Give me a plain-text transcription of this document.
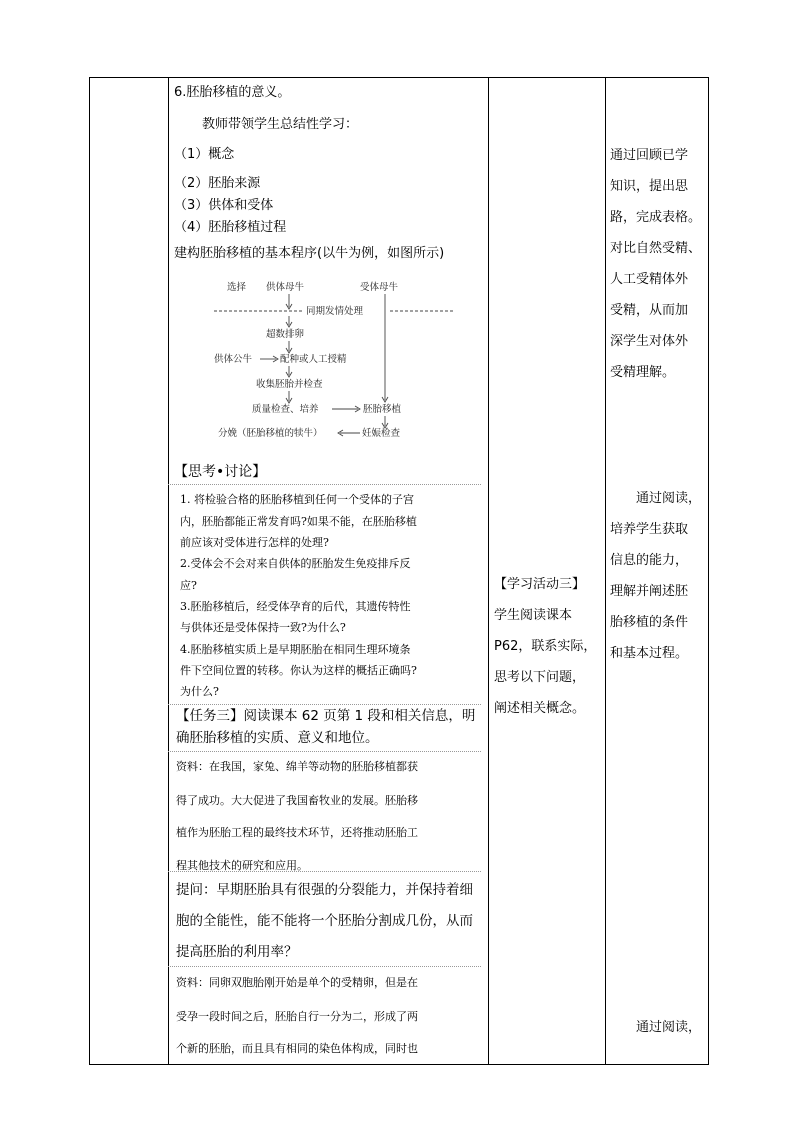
6.胚胎移植的意义。
教师带领学生总结性学习：
（1）概念
（2）胚胎来源
（3）供体和受体
（4）胚胎移植过程
建构胚胎移植的基本程序(以牛为例，如图所示)
选择 供体母牛	受体母牛
同期发情处理
超数排卵
供体公牛	配种或人工授精
收集胚胎并检查
质量检查、培养	胚胎移植
分娩（胚胎移植的犊牛）	妊娠检查
【思考•讨论】
1. 将检验合格的胚胎移植到任何一个受体的子宫
内，胚胎都能正常发育吗?如果不能，在胚胎移植
前应该对受体进行怎样的处理?
2.受体会不会对来自供体的胚胎发生免疫排斥反
应?
3.胚胎移植后，经受体孕育的后代，其遗传特性
与供体还是受体保持一致?为什么?
4.胚胎移植实质上是早期胚胎在相同生理环境条
件下空间位置的转移。你认为这样的概括正确吗?
为什么?
【任务三】阅读课本 62 页第 1 段和相关信息，明
确胚胎移植的实质、意义和地位。
资料：在我国，家兔、绵羊等动物的胚胎移植都获
得了成功。大大促进了我国畜牧业的发展。胚胎移
植作为胚胎工程的最终技术环节，还将推动胚胎工
程其他技术的研究和应用。
提问：早期胚胎具有很强的分裂能力，并保持着细
胞的全能性，能不能将一个胚胎分割成几份，从而
提高胚胎的利用率？
资料：同卵双胞胎刚开始是单个的受精卵，但是在
受孕一段时间之后，胚胎自行一分为二，形成了两
个新的胚胎，而且具有相同的染色体构成，同时也
【学习活动三】
学生阅读课本
P62，联系实际，
思考以下问题，
阐述相关概念。
通过回顾已学
知识，提出思
路，完成表格。
对比自然受精、
人工受精体外
受精，从而加
深学生对体外
受精理解。
　　通过阅读，
培养学生获取
信息的能力，
理解并阐述胚
胎移植的条件
和基本过程。
　　通过阅读，
